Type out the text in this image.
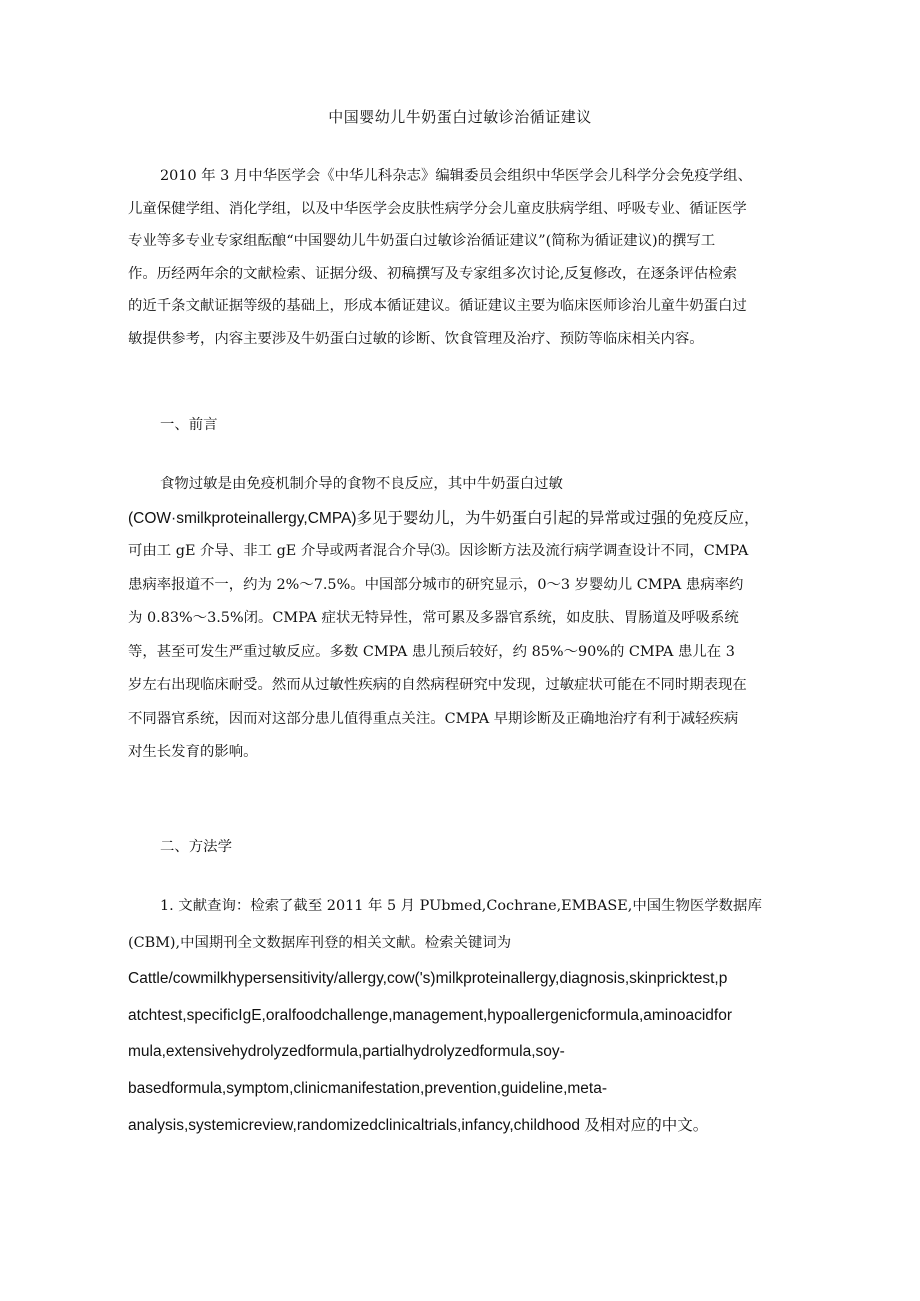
中国婴幼儿牛奶蛋白过敏诊治循证建议
2010 年 3 月中华医学会《中华儿科杂志》编辑委员会组织中华医学会儿科学分会免疫学组、
儿童保健学组、消化学组，以及中华医学会皮肤性病学分会儿童皮肤病学组、呼吸专业、循证医学
专业等多专业专家组酝酿“中国婴幼儿牛奶蛋白过敏诊治循证建议”(简称为循证建议)的撰写工
作。历经两年余的文献检索、证据分级、初稿撰写及专家组多次讨论,反复修改，在逐条评估检索
的近千条文献证据等级的基础上，形成本循证建议。循证建议主要为临床医师诊治儿童牛奶蛋白过
敏提供参考，内容主要涉及牛奶蛋白过敏的诊断、饮食管理及治疗、预防等临床相关内容。
一、前言
食物过敏是由免疫机制介导的食物不良反应，其中牛奶蛋白过敏
(COW·smilkproteinallergy,CMPA)多见于婴幼儿，为牛奶蛋白引起的异常或过强的免疫反应，
可由工 gE 介导、非工 gE 介导或两者混合介导⑶。因诊断方法及流行病学调查设计不同，CMPA
患病率报道不一，约为 2%～7.5%。中国部分城市的研究显示，0～3 岁婴幼儿 CMPA 患病率约
为 0.83%～3.5%闭。CMPA 症状无特异性，常可累及多器官系统，如皮肤、胃肠道及呼吸系统
等，甚至可发生严重过敏反应。多数 CMPA 患儿预后较好，约 85%～90%的 CMPA 患儿在 3
岁左右出现临床耐受。然而从过敏性疾病的自然病程研究中发现，过敏症状可能在不同时期表现在
不同器官系统，因而对这部分患儿值得重点关注。CMPA 早期诊断及正确地治疗有利于减轻疾病
对生长发育的影响。
二、方法学
1. 文献查询：检索了截至 2011 年 5 月 PUbmed,Cochrane,EMBASE,中国生物医学数据库
(CBM),中国期刊全文数据库刊登的相关文献。检索关键词为
Cattle/cowmilkhypersensitivity/allergy,cow('s)milkproteinallergy,diagnosis,skinpricktest,p
atchtest,specificIgE,oralfoodchallenge,management,hypoallergenicformula,aminoacidfor
mula,extensivehydrolyzedformula,partialhydrolyzedformula,soy-
basedformula,symptom,clinicmanifestation,prevention,guideline,meta-
analysis,systemicreview,randomizedclinicaltrials,infancy,childhood 及相对应的中文。
